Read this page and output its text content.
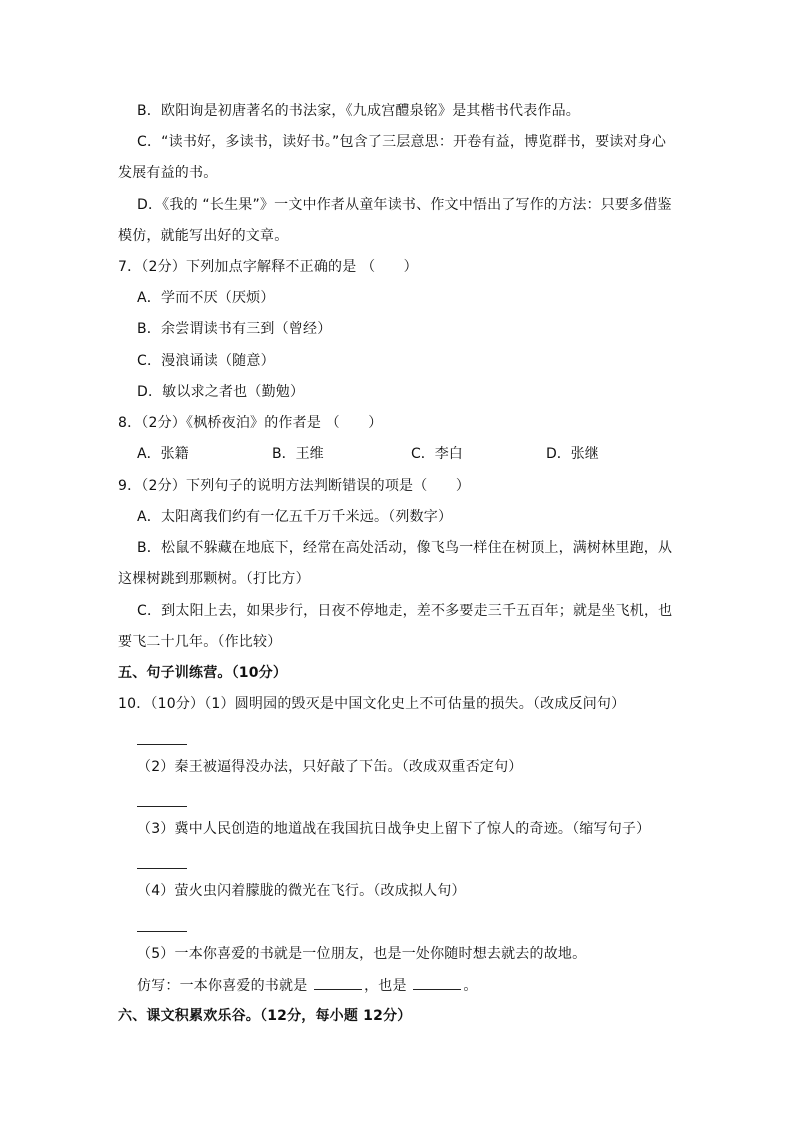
B．欧阳询是初唐著名的书法家，《九成宫醴泉铭》是其楷书代表作品。
C．“读书好，多读书，读好书。”包含了三层意思：开卷有益，博览群书，要读对身心
发展有益的书。
D．《我的 “长生果”》一文中作者从童年读书、作文中悟出了写作的方法：只要多借鉴
模仿，就能写出好的文章。
7．（2分）下列加点字解释不正确的是 （　　）
A．学而不厌（厌烦）
B．余尝谓读书有三到（曾经）
C．漫浪诵读（随意）
D．敏以求之者也（勤勉）
8．（2分）《枫桥夜泊》的作者是 （　　）
A．张籍	B．王维	C．李白	D．张继
9．（2分）下列句子的说明方法判断错误的项是（　　）
A．太阳离我们约有一亿五千万千米远。（列数字）
B．松鼠不躲藏在地底下，经常在高处活动，像飞鸟一样住在树顶上，满树林里跑，从
这棵树跳到那颗树。（打比方）
C．到太阳上去，如果步行，日夜不停地走，差不多要走三千五百年；就是坐飞机，也
要飞二十几年。（作比较）
五、句子训练营。（10分）
10．（10分）（1）圆明园的毁灭是中国文化史上不可估量的损失。（改成反问句）
（2）秦王被逼得没办法，只好敲了下缶。（改成双重否定句）
（3）冀中人民创造的地道战在我国抗日战争史上留下了惊人的奇迹。（缩写句子）
（4）萤火虫闪着朦胧的微光在飞行。（改成拟人句）
（5）一本你喜爱的书就是一位朋友，也是一处你随时想去就去的故地。
仿写：一本你喜爱的书就是	，也是	。
六、课文积累欢乐谷。（12分，每小题 12分）
